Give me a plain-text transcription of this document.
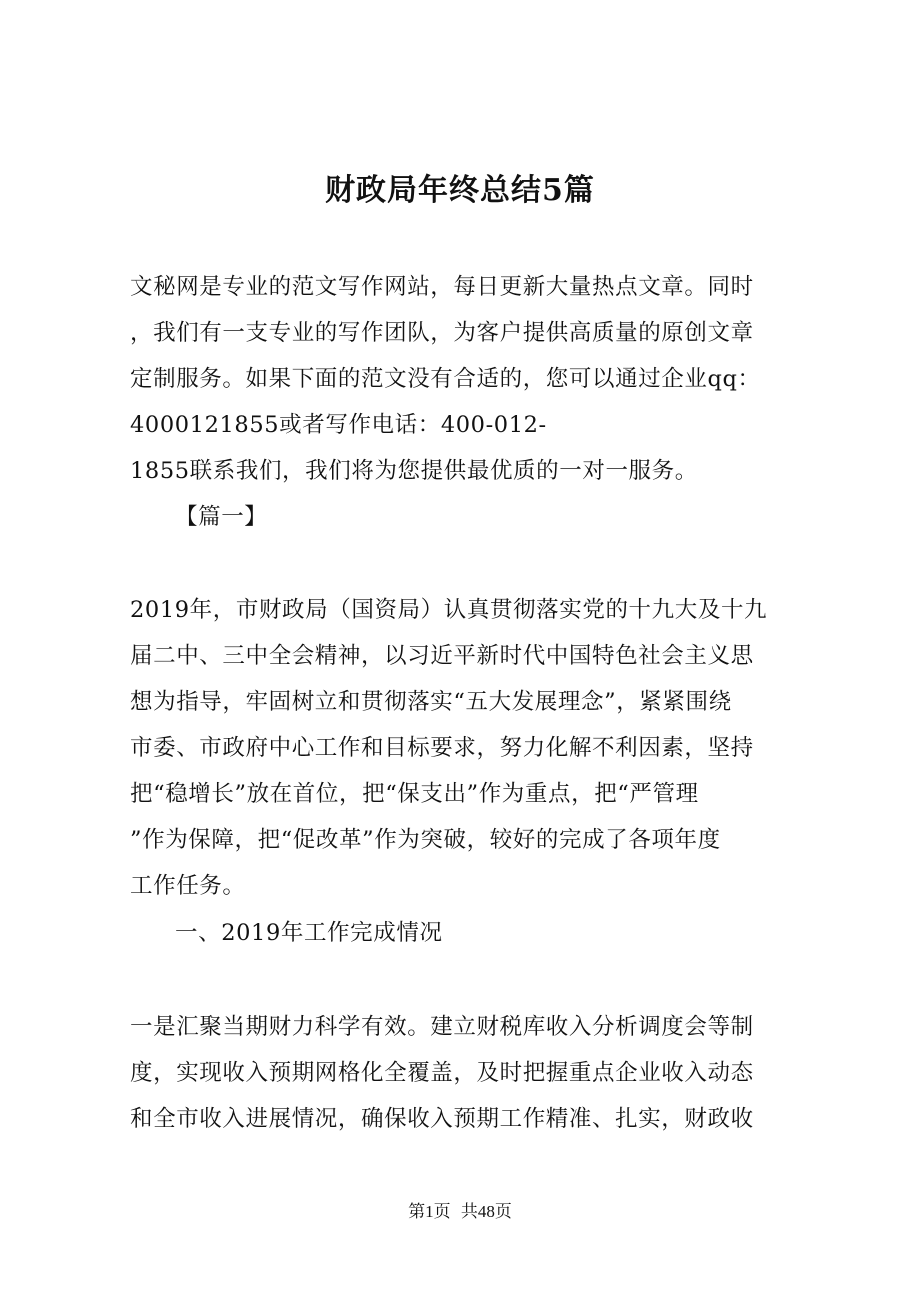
财政局年终总结5篇
文秘网是专业的范文写作网站，每日更新大量热点文章。同时
，我们有一支专业的写作团队，为客户提供高质量的原创文章
定制服务。如果下面的范文没有合适的，您可以通过企业qq：
4000121855或者写作电话：400-012-
1855联系我们，我们将为您提供最优质的一对一服务。
【篇一】
2019年，市财政局（国资局）认真贯彻落实党的十九大及十九
届二中、三中全会精神，以习近平新时代中国特色社会主义思
想为指导，牢固树立和贯彻落实“五大发展理念”，紧紧围绕
市委、市政府中心工作和目标要求，努力化解不利因素，坚持
把“稳增长”放在首位，把“保支出”作为重点，把“严管理
”作为保障，把“促改革”作为突破，较好的完成了各项年度
工作任务。
一、2019年工作完成情况
一是汇聚当期财力科学有效。建立财税库收入分析调度会等制
度，实现收入预期网格化全覆盖，及时把握重点企业收入动态
和全市收入进展情况，确保收入预期工作精准、扎实，财政收
第1页 共48页
